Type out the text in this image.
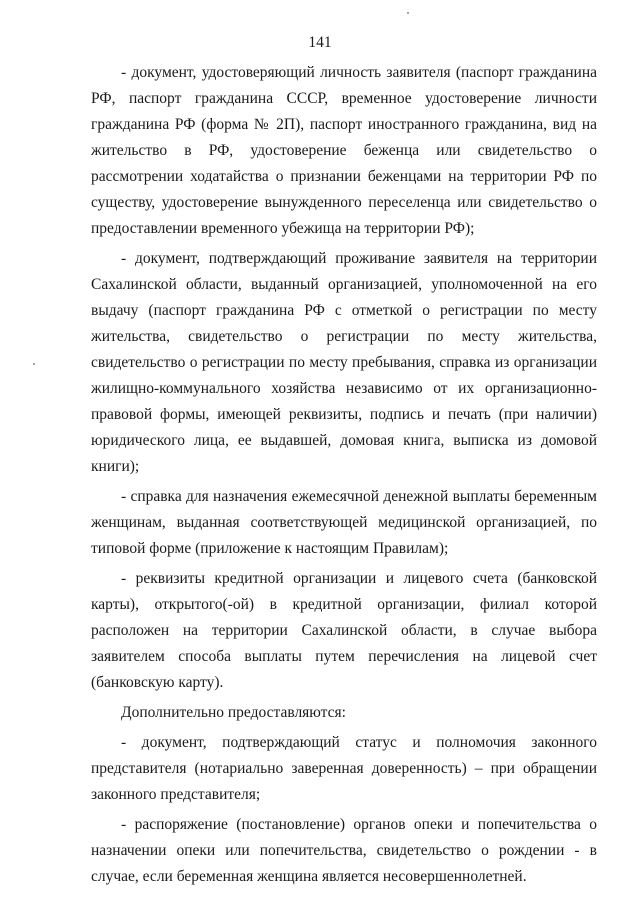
141

- документ, удостоверяющий личность заявителя (паспорт гражданина РФ, паспорт гражданина СССР, временное удостоверение личности гражданина РФ (форма № 2П), паспорт иностранного гражданина, вид на жительство в РФ, удостоверение беженца или свидетельство о рассмотрении ходатайства о признании беженцами на территории РФ по существу, удостоверение вынужденного переселенца или свидетельство о предоставлении временного убежища на территории РФ);

- документ, подтверждающий проживание заявителя на территории Сахалинской области, выданный организацией, уполномоченной на его выдачу (паспорт гражданина РФ с отметкой о регистрации по месту жительства, свидетельство о регистрации по месту жительства, свидетельство о регистрации по месту пребывания, справка из организации жилищно-коммунального хозяйства независимо от их организационно-правовой формы, имеющей реквизиты, подпись и печать (при наличии) юридического лица, ее выдавшей, домовая книга, выписка из домовой книги);

- справка для назначения ежемесячной денежной выплаты беременным женщинам, выданная соответствующей медицинской организацией, по типовой форме (приложение к настоящим Правилам);

- реквизиты кредитной организации и лицевого счета (банковской карты), открытого(-ой) в кредитной организации, филиал которой расположен на территории Сахалинской области, в случае выбора заявителем способа выплаты путем перечисления на лицевой счет (банковскую карту).

Дополнительно предоставляются:

- документ, подтверждающий статус и полномочия законного представителя (нотариально заверенная доверенность) – при обращении законного представителя;

- распоряжение (постановление) органов опеки и попечительства о назначении опеки или попечительства, свидетельство о рождении - в случае, если беременная женщина является несовершеннолетней.
